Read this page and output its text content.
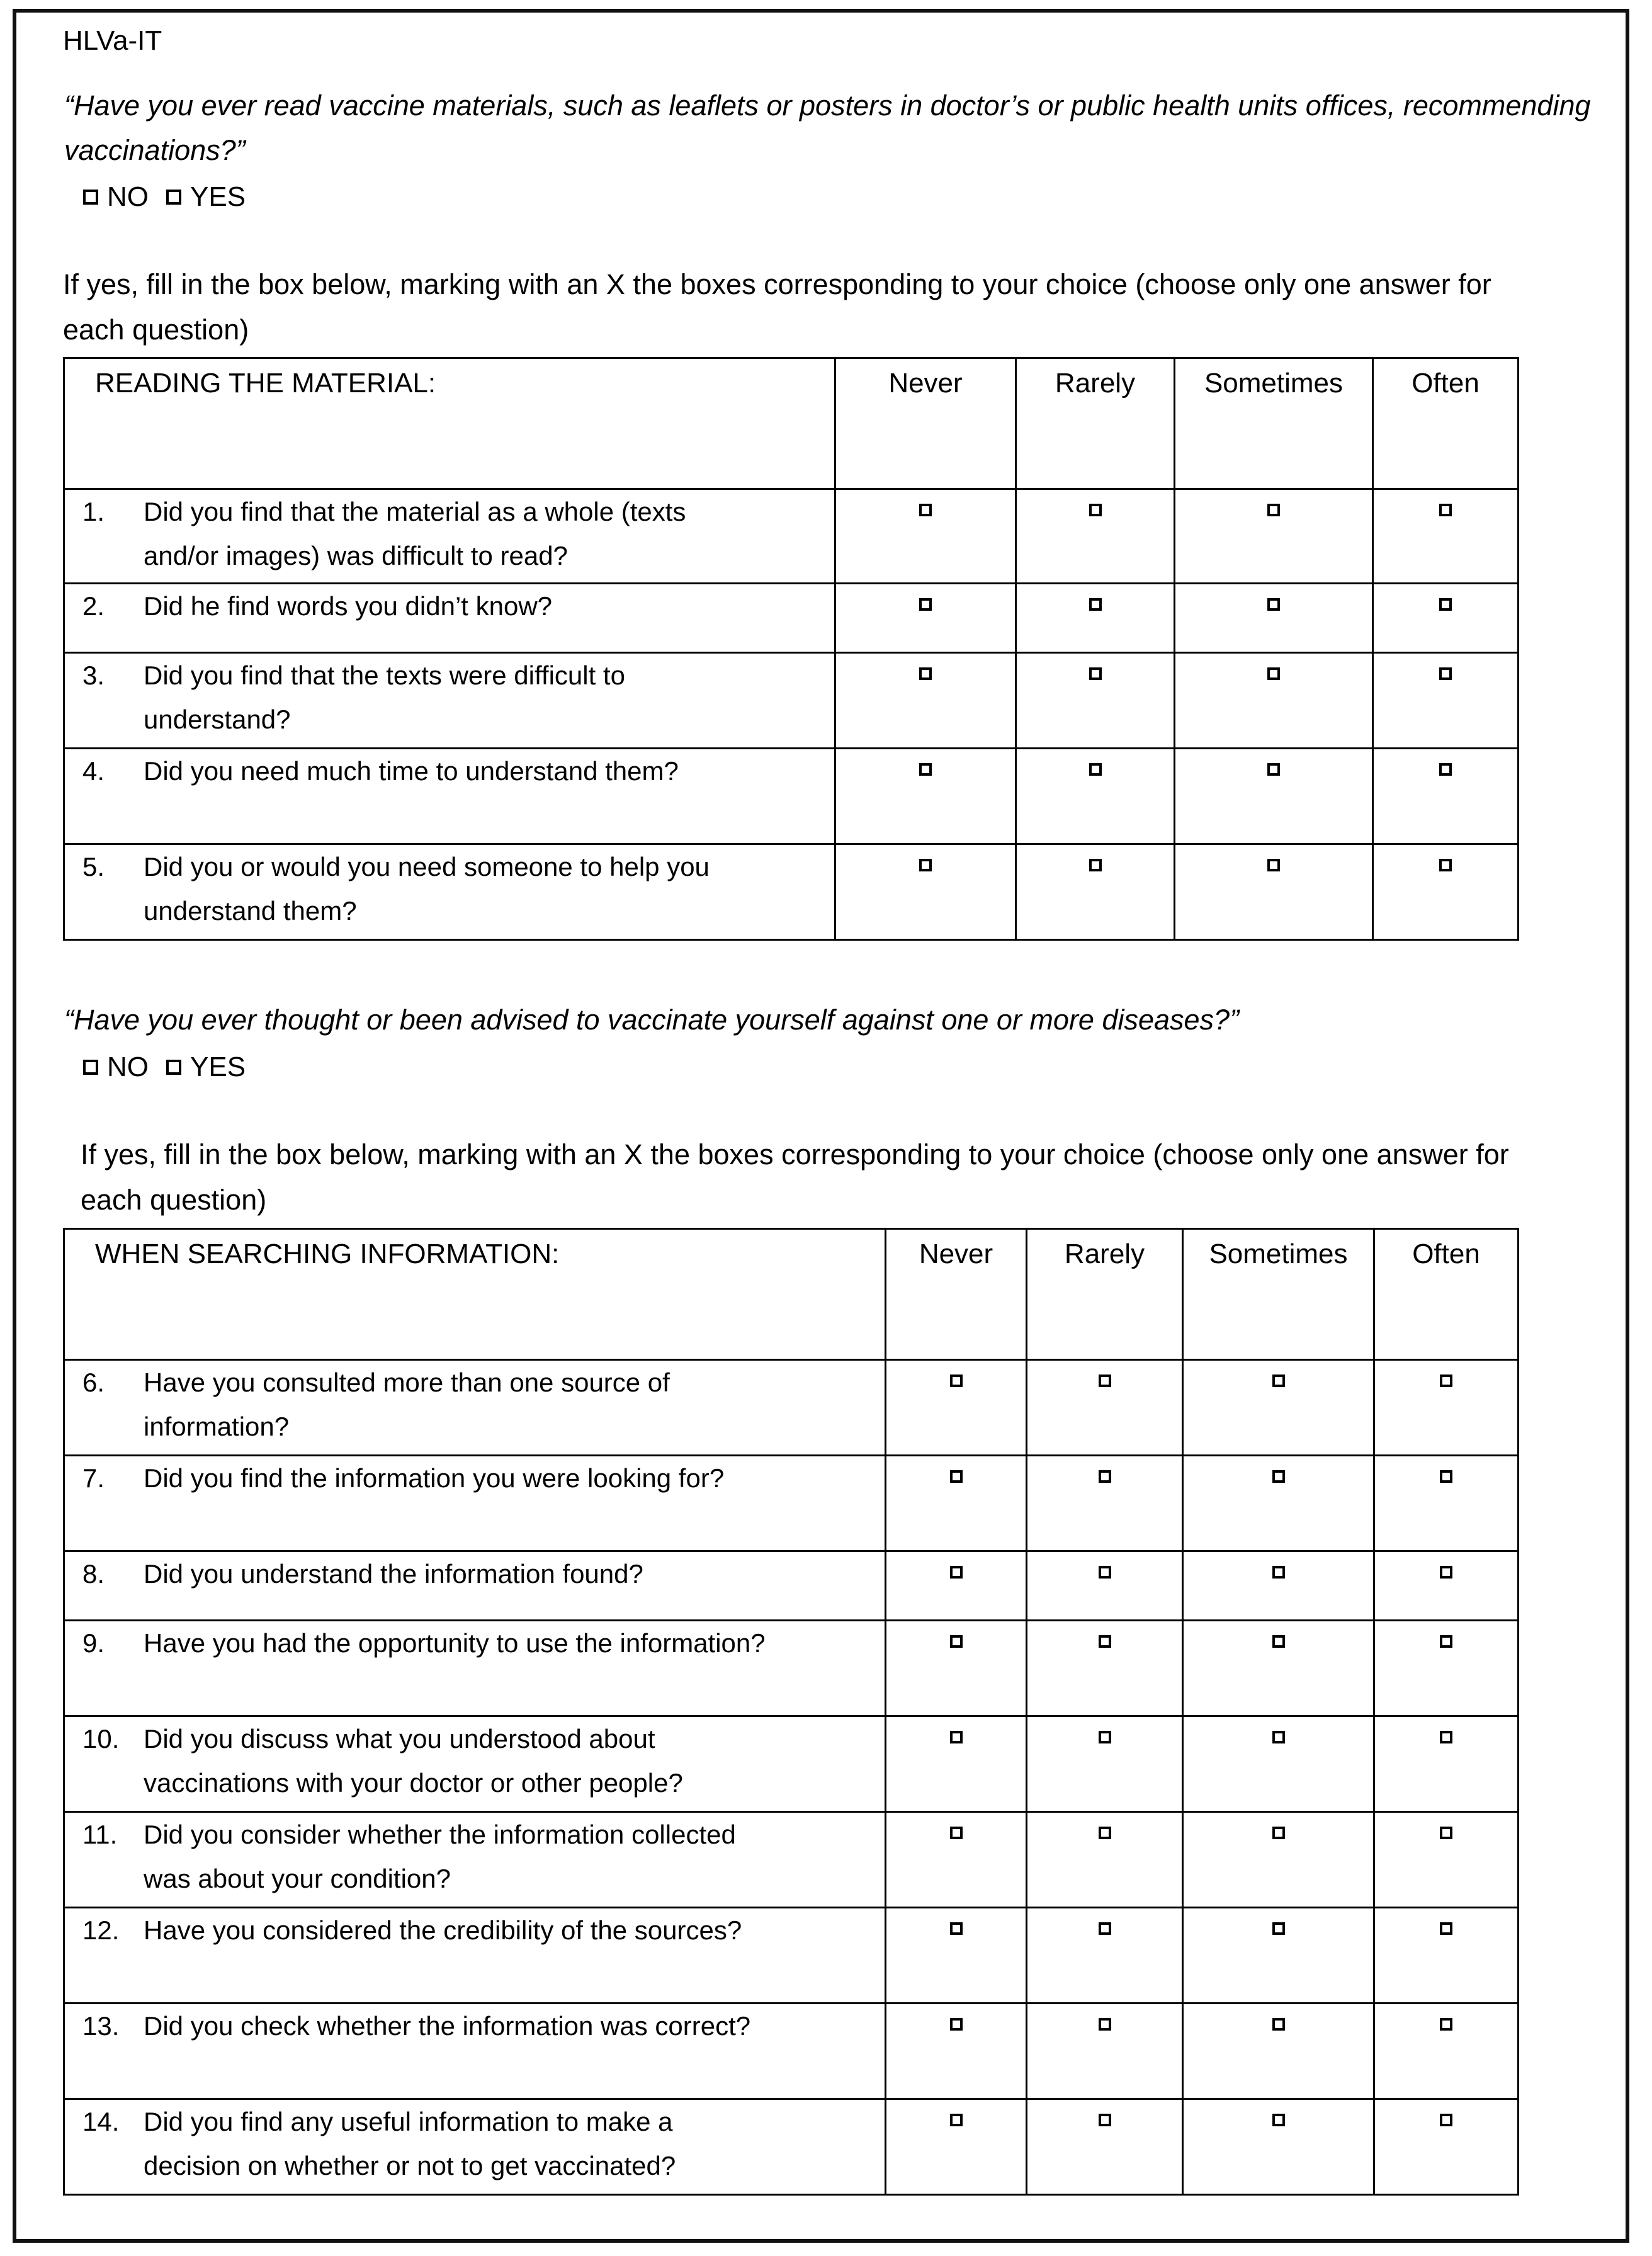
HLVa-IT
“Have you ever read vaccine materials, such as leaflets or posters in doctor’s or public health units offices, recommending
vaccinations?”
NO YES
If yes, fill in the box below, marking with an X the boxes corresponding to your choice (choose only one answer for
each question)
READING THE MATERIAL:	Never	Rarely	Sometimes	Often

1. Did you find that the material as a whole (texts and/or images) was difficult to read?				

2. Did he find words you didn’t know?				

3. Did you find that the texts were difficult to understand?				

4. Did you need much time to understand them?				

5. Did you or would you need someone to help you understand them?				

“Have you ever thought or been advised to vaccinate yourself against one or more diseases?”
NO YES
If yes, fill in the box below, marking with an X the boxes corresponding to your choice (choose only one answer for
each question)
WHEN SEARCHING INFORMATION:	Never	Rarely	Sometimes	Often

6. Have you consulted more than one source of information?				

7. Did you find the information you were looking for?				

8. Did you understand the information found?				

9. Have you had the opportunity to use the information?				

10. Did you discuss what you understood about vaccinations with your doctor or other people?				

11. Did you consider whether the information collected was about your condition?				

12. Have you considered the credibility of the sources?				

13. Did you check whether the information was correct?				

14. Did you find any useful information to make a decision on whether or not to get vaccinated?				
